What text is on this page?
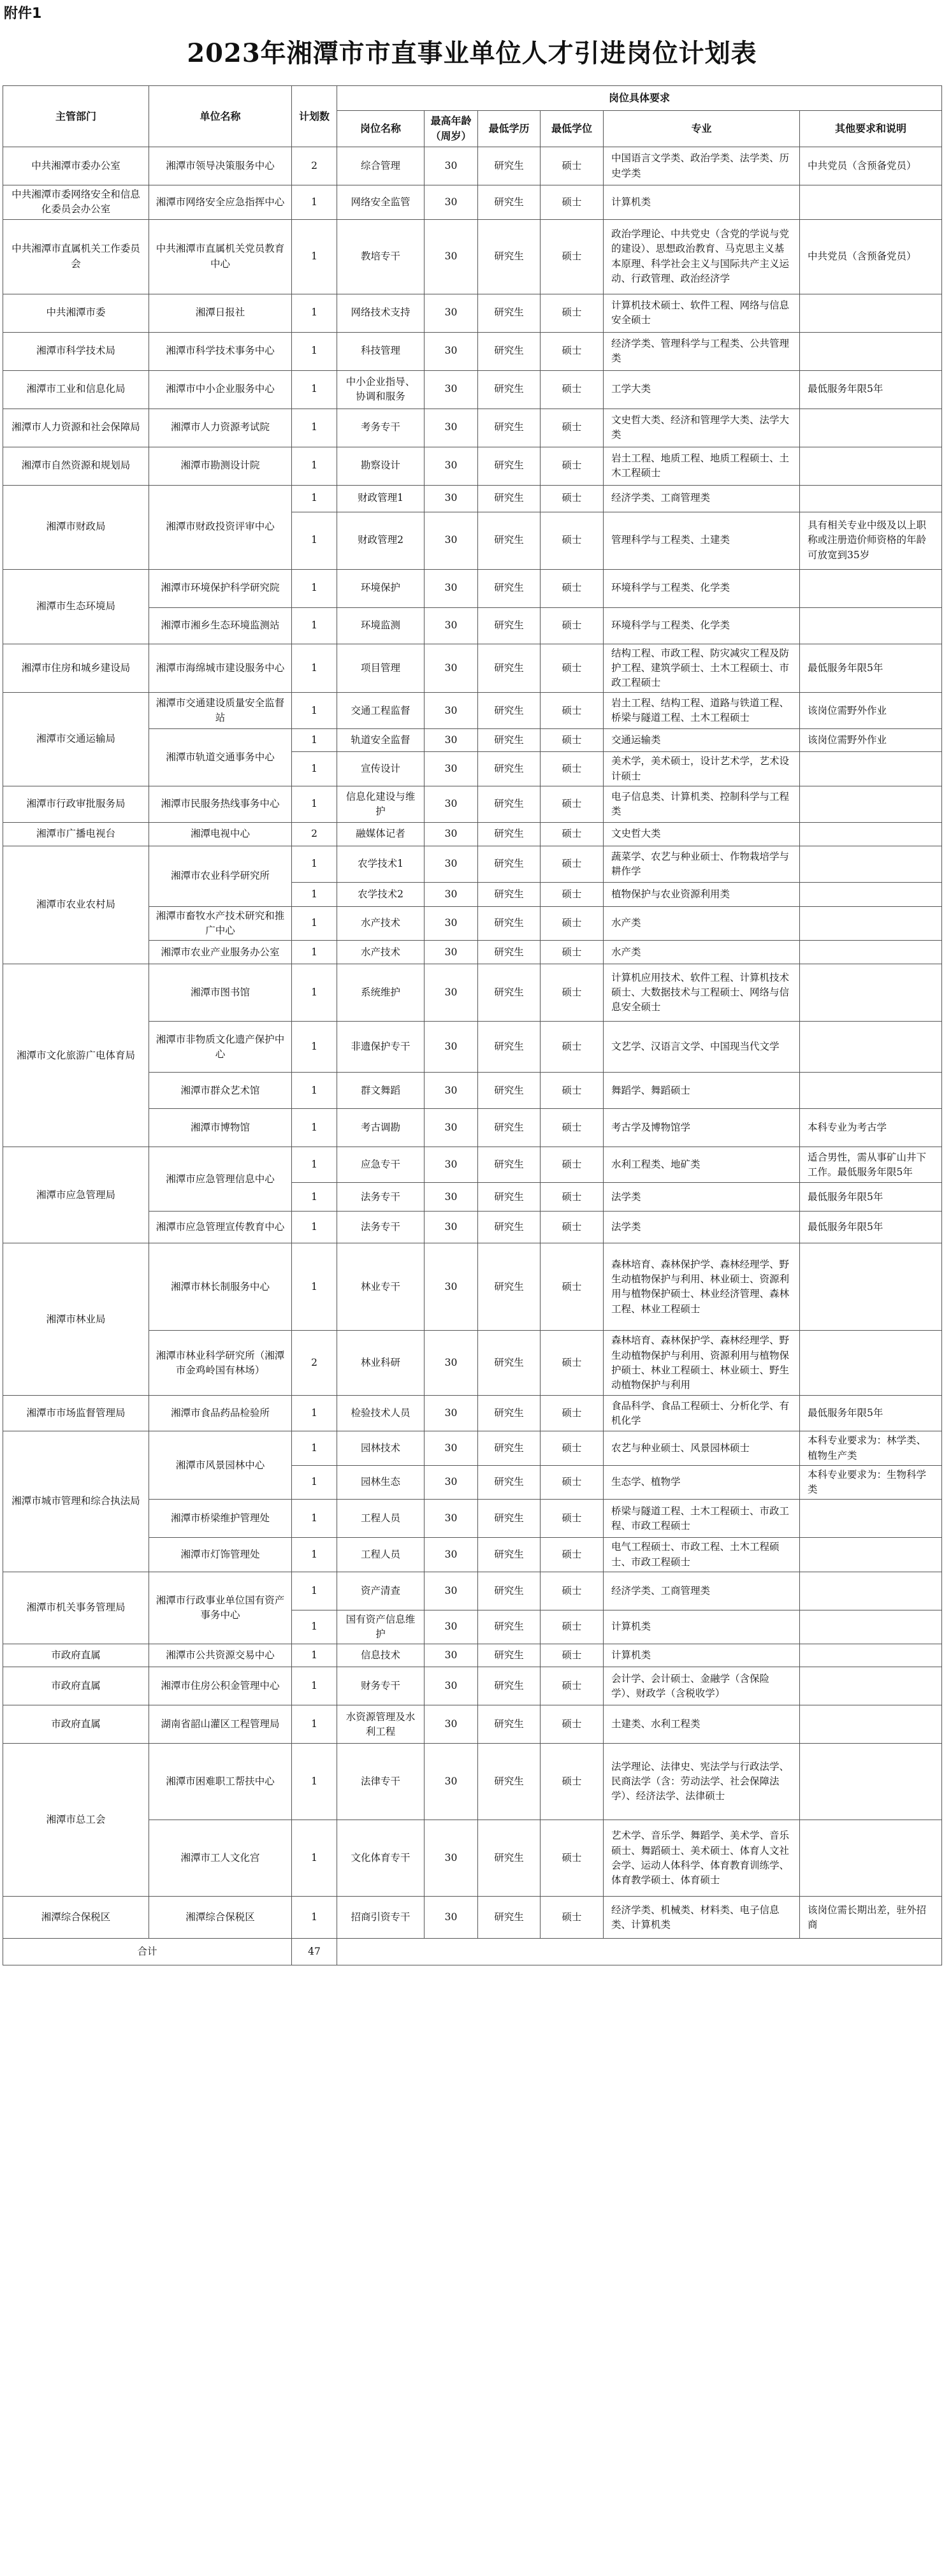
附件1
2023年湘潭市市直事业单位人才引进岗位计划表
主管部门	单位名称	计划数	岗位具体要求					
			岗位名称	最高年龄（周岁）	最低学历	最低学位	专业	其他要求和说明
中共湘潭市委办公室	湘潭市领导决策服务中心	2	综合管理	30	研究生	硕士	中国语言文学类、政治学类、法学类、历史学类	中共党员（含预备党员）
中共湘潭市委网络安全和信息化委员会办公室	湘潭市网络安全应急指挥中心	1	网络安全监管	30	研究生	硕士	计算机类	
中共湘潭市直属机关工作委员会	中共湘潭市直属机关党员教育中心	1	教培专干	30	研究生	硕士	政治学理论、中共党史（含党的学说与党的建设）、思想政治教育、马克思主义基本原理、科学社会主义与国际共产主义运动、行政管理、政治经济学	中共党员（含预备党员）
中共湘潭市委	湘潭日报社	1	网络技术支持	30	研究生	硕士	计算机技术硕士、软件工程、网络与信息安全硕士	
湘潭市科学技术局	湘潭市科学技术事务中心	1	科技管理	30	研究生	硕士	经济学类、管理科学与工程类、公共管理类	
湘潭市工业和信息化局	湘潭市中小企业服务中心	1	中小企业指导、协调和服务	30	研究生	硕士	工学大类	最低服务年限5年
湘潭市人力资源和社会保障局	湘潭市人力资源考试院	1	考务专干	30	研究生	硕士	文史哲大类、经济和管理学大类、法学大类	
湘潭市自然资源和规划局	湘潭市勘测设计院	1	勘察设计	30	研究生	硕士	岩土工程、地质工程、地质工程硕士、土木工程硕士	
湘潭市财政局	湘潭市财政投资评审中心	1	财政管理1	30	研究生	硕士	经济学类、工商管理类	
		1	财政管理2	30	研究生	硕士	管理科学与工程类、土建类	具有相关专业中级及以上职称或注册造价师资格的年龄可放宽到35岁
湘潭市生态环境局	湘潭市环境保护科学研究院	1	环境保护	30	研究生	硕士	环境科学与工程类、化学类	
	湘潭市湘乡生态环境监测站	1	环境监测	30	研究生	硕士	环境科学与工程类、化学类	
湘潭市住房和城乡建设局	湘潭市海绵城市建设服务中心	1	项目管理	30	研究生	硕士	结构工程、市政工程、防灾减灾工程及防护工程、建筑学硕士、土木工程硕士、市政工程硕士	最低服务年限5年
湘潭市交通运输局	湘潭市交通建设质量安全监督站	1	交通工程监督	30	研究生	硕士	岩土工程、结构工程、道路与铁道工程、桥梁与隧道工程、土木工程硕士	该岗位需野外作业
	湘潭市轨道交通事务中心	1	轨道安全监督	30	研究生	硕士	交通运输类	该岗位需野外作业
		1	宣传设计	30	研究生	硕士	美术学，美术硕士，设计艺术学，艺术设计硕士	
湘潭市行政审批服务局	湘潭市民服务热线事务中心	1	信息化建设与维护	30	研究生	硕士	电子信息类、计算机类、控制科学与工程类	
湘潭市广播电视台	湘潭电视中心	2	融媒体记者	30	研究生	硕士	文史哲大类	
湘潭市农业农村局	湘潭市农业科学研究所	1	农学技术1	30	研究生	硕士	蔬菜学、农艺与种业硕士、作物栽培学与耕作学	
		1	农学技术2	30	研究生	硕士	植物保护与农业资源利用类	
	湘潭市畜牧水产技术研究和推广中心	1	水产技术	30	研究生	硕士	水产类	
	湘潭市农业产业服务办公室	1	水产技术	30	研究生	硕士	水产类	
湘潭市文化旅游广电体育局	湘潭市图书馆	1	系统维护	30	研究生	硕士	计算机应用技术、软件工程、计算机技术硕士、大数据技术与工程硕士、网络与信息安全硕士	
	湘潭市非物质文化遗产保护中心	1	非遗保护专干	30	研究生	硕士	文艺学、汉语言文学、中国现当代文学	
	湘潭市群众艺术馆	1	群文舞蹈	30	研究生	硕士	舞蹈学、舞蹈硕士	
	湘潭市博物馆	1	考古调勘	30	研究生	硕士	考古学及博物馆学	本科专业为考古学
湘潭市应急管理局	湘潭市应急管理信息中心	1	应急专干	30	研究生	硕士	水利工程类、地矿类	适合男性，需从事矿山井下工作。最低服务年限5年
		1	法务专干	30	研究生	硕士	法学类	最低服务年限5年
	湘潭市应急管理宣传教育中心	1	法务专干	30	研究生	硕士	法学类	最低服务年限5年
湘潭市林业局	湘潭市林长制服务中心	1	林业专干	30	研究生	硕士	森林培育、森林保护学、森林经理学、野生动植物保护与利用、林业硕士、资源利用与植物保护硕士、林业经济管理、森林工程、林业工程硕士	
	湘潭市林业科学研究所（湘潭市金鸡岭国有林场）	2	林业科研	30	研究生	硕士	森林培育、森林保护学、森林经理学、野生动植物保护与利用、资源利用与植物保护硕士、林业工程硕士、林业硕士、野生动植物保护与利用	
湘潭市市场监督管理局	湘潭市食品药品检验所	1	检验技术人员	30	研究生	硕士	食品科学、食品工程硕士、分析化学、有机化学	最低服务年限5年
湘潭市城市管理和综合执法局	湘潭市风景园林中心	1	园林技术	30	研究生	硕士	农艺与种业硕士、风景园林硕士	本科专业要求为：林学类、植物生产类
		1	园林生态	30	研究生	硕士	生态学、植物学	本科专业要求为：生物科学类
	湘潭市桥梁维护管理处	1	工程人员	30	研究生	硕士	桥梁与隧道工程、土木工程硕士、市政工程、市政工程硕士	
	湘潭市灯饰管理处	1	工程人员	30	研究生	硕士	电气工程硕士、市政工程、土木工程硕士、市政工程硕士	
湘潭市机关事务管理局	湘潭市行政事业单位国有资产事务中心	1	资产清查	30	研究生	硕士	经济学类、工商管理类	
		1	国有资产信息维护	30	研究生	硕士	计算机类	
市政府直属	湘潭市公共资源交易中心	1	信息技术	30	研究生	硕士	计算机类	
市政府直属	湘潭市住房公积金管理中心	1	财务专干	30	研究生	硕士	会计学、会计硕士、金融学（含保险学）、财政学（含税收学）	
市政府直属	湖南省韶山灌区工程管理局	1	水资源管理及水利工程	30	研究生	硕士	土建类、水利工程类	
湘潭市总工会	湘潭市困难职工帮扶中心	1	法律专干	30	研究生	硕士	法学理论、法律史、宪法学与行政法学、民商法学（含：劳动法学、社会保障法学）、经济法学、法律硕士	
	湘潭市工人文化宫	1	文化体育专干	30	研究生	硕士	艺术学、音乐学、舞蹈学、美术学、音乐硕士、舞蹈硕士、美术硕士、体育人文社会学、运动人体科学、体育教育训练学、体育教学硕士、体育硕士	
湘潭综合保税区	湘潭综合保税区	1	招商引资专干	30	研究生	硕士	经济学类、机械类、材料类、电子信息类、计算机类	该岗位需长期出差，驻外招商
合计		47						
